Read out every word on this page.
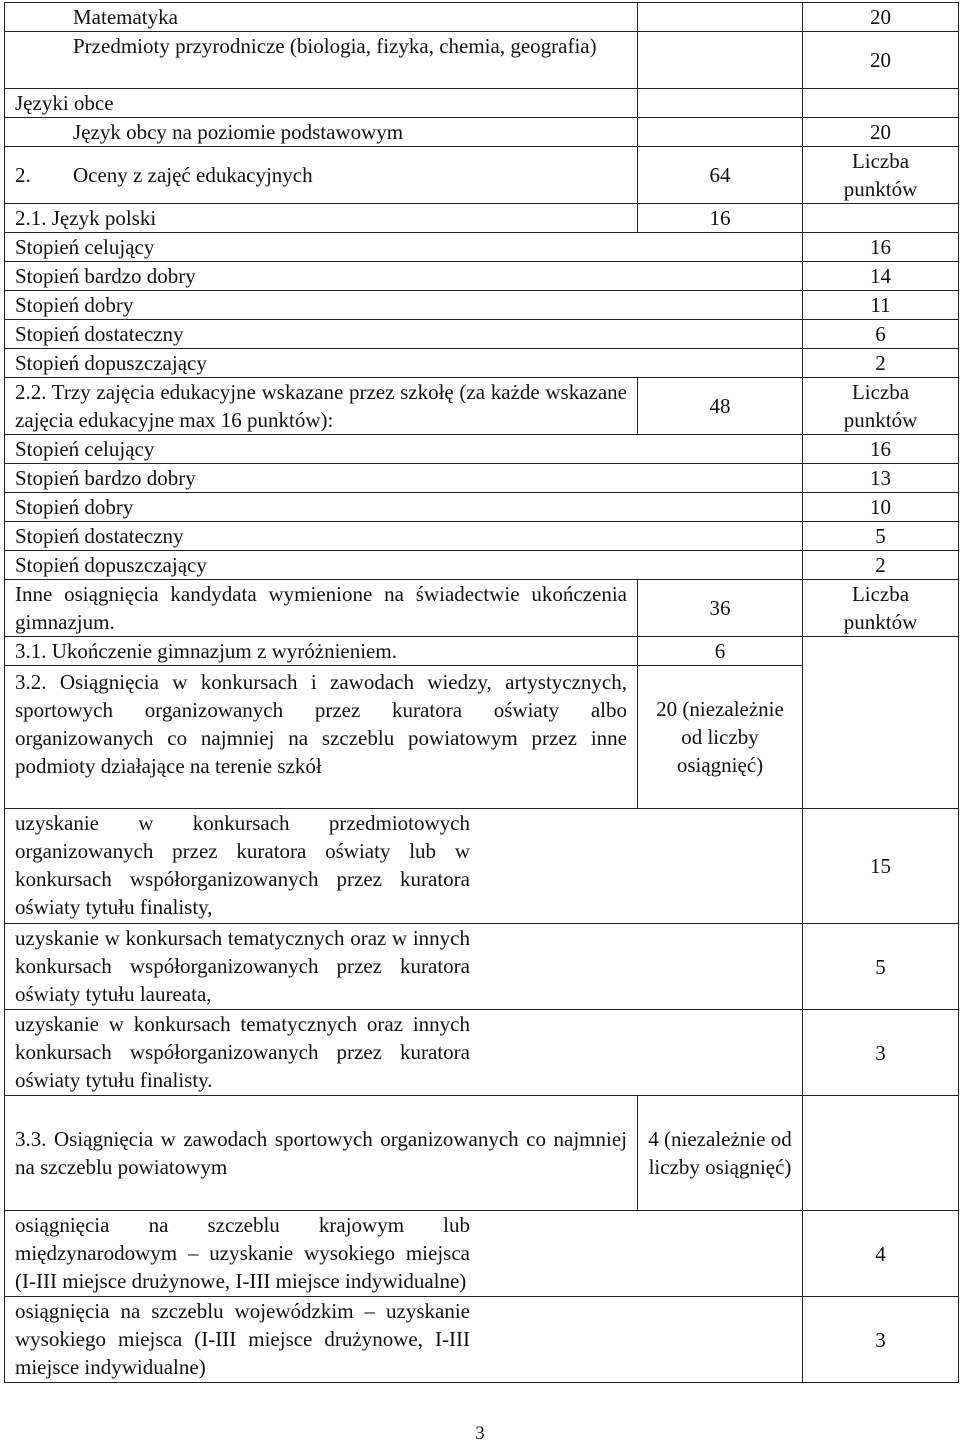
Matematyka		20
Przedmioty przyrodnicze (biologia, fizyka, chemia, geografia)		20
Języki obce		

Język obcy na poziomie podstawowym		20
2. Oceny z zajęć edukacyjnych	64	Liczba punktów
2.1. Język polski	16	
Stopień celujący		16
Stopień bardzo dobry		14
Stopień dobry		11
Stopień dostateczny		6
Stopień dopuszczający		2
2.2. Trzy zajęcia edukacyjne wskazane przez szkołę (za każde wskazane zajęcia edukacyjne max 16 punktów):	48	Liczba punktów
Stopień celujący		16
Stopień bardzo dobry		13
Stopień dobry		10
Stopień dostateczny		5
Stopień dopuszczający		2
Inne osiągnięcia kandydata wymienione na świadectwie ukończenia gimnazjum.	36	Liczba punktów
3.1. Ukończenie gimnazjum z wyróżnieniem.	6	
3.2. Osiągnięcia w konkursach i zawodach wiedzy, artystycznych, sportowych organizowanych przez kuratora oświaty albo organizowanych co najmniej na szczeblu powiatowym przez inne podmioty działające na terenie szkół	20 (niezależnie od liczby osiągnięć)	
uzyskanie w konkursach przedmiotowych organizowanych przez kuratora oświaty lub w konkursach współorganizowanych przez kuratora oświaty tytułu finalisty,		15
uzyskanie w konkursach tematycznych oraz w innych konkursach współorganizowanych przez kuratora oświaty tytułu laureata,		5
uzyskanie w konkursach tematycznych oraz innych konkursach współorganizowanych przez kuratora oświaty tytułu finalisty.		3
3.3. Osiągnięcia w zawodach sportowych organizowanych co najmniej na szczeblu powiatowym	4 (niezależnie od liczby osiągnięć)	
osiągnięcia na szczeblu krajowym lub międzynarodowym – uzyskanie wysokiego miejsca (I-III miejsce drużynowe, I-III miejsce indywidualne)		4
osiągnięcia na szczeblu wojewódzkim – uzyskanie wysokiego miejsca (I-III miejsce drużynowe, I-III miejsce indywidualne)		3
3
